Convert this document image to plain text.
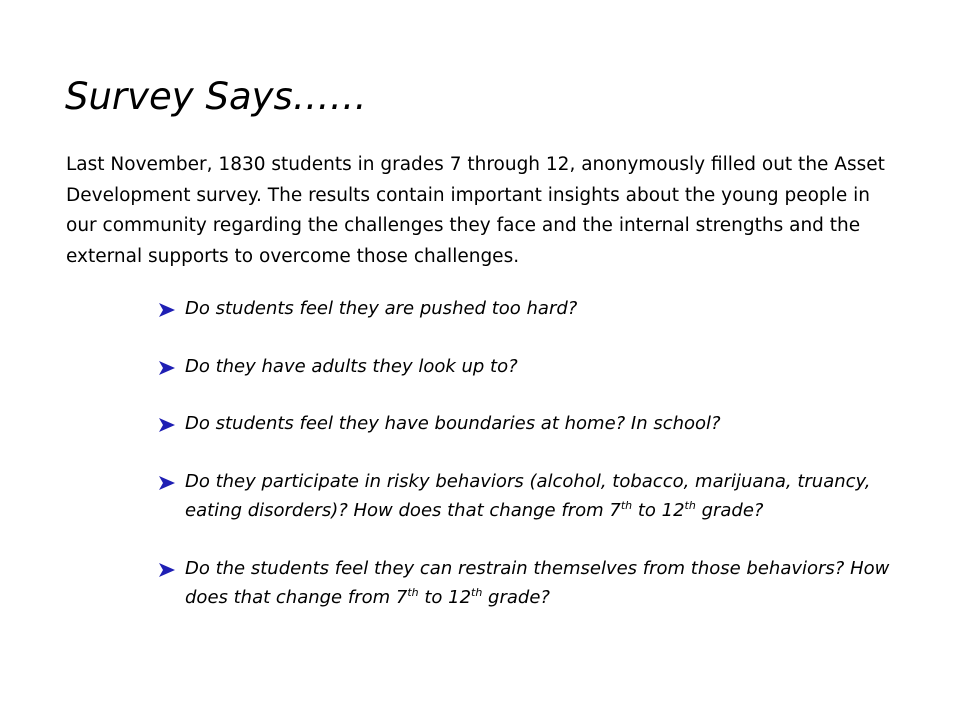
Survey Says……

Last November, 1830 students in grades 7 through 12, anonymously filled out the Asset Development survey. The results contain important insights about the young people in our community regarding the challenges they face and the internal strengths and the external supports to overcome those challenges.

Do students feel they are pushed too hard?
Do they have adults they look up to?
Do students feel they have boundaries at home? In school?
Do they participate in risky behaviors (alcohol, tobacco, marijuana, truancy, eating disorders)? How does that change from 7th to 12th grade?
Do the students feel they can restrain themselves from those behaviors? How does that change from 7th to 12th grade?
